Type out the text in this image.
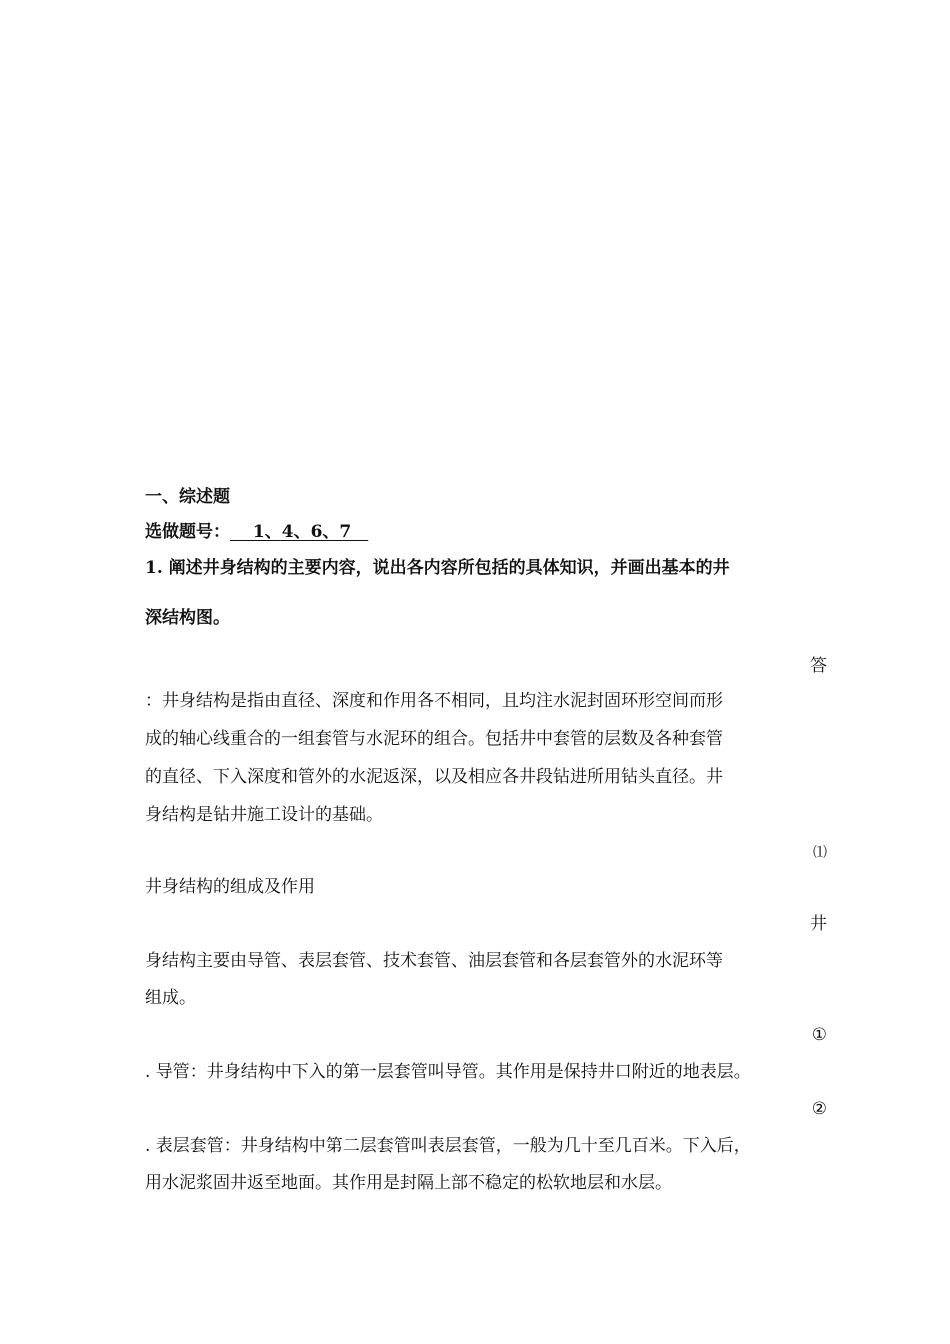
一、综述题
选做题号：　 1、4、6、7　
1. 阐述井身结构的主要内容，说出各内容所包括的具体知识，并画出基本的井
深结构图。
答
：井身结构是指由直径、深度和作用各不相同，且均注水泥封固环形空间而形
成的轴心线重合的一组套管与水泥环的组合。包括井中套管的层数及各种套管
的直径、下入深度和管外的水泥返深，以及相应各井段钻进所用钻头直径。井
身结构是钻井施工设计的基础。
⑴
井身结构的组成及作用
井
身结构主要由导管、表层套管、技术套管、油层套管和各层套管外的水泥环等
组成。
①
. 导管：井身结构中下入的第一层套管叫导管。其作用是保持井口附近的地表层。
②
. 表层套管：井身结构中第二层套管叫表层套管，一般为几十至几百米。下入后，
用水泥浆固井返至地面。其作用是封隔上部不稳定的松软地层和水层。
